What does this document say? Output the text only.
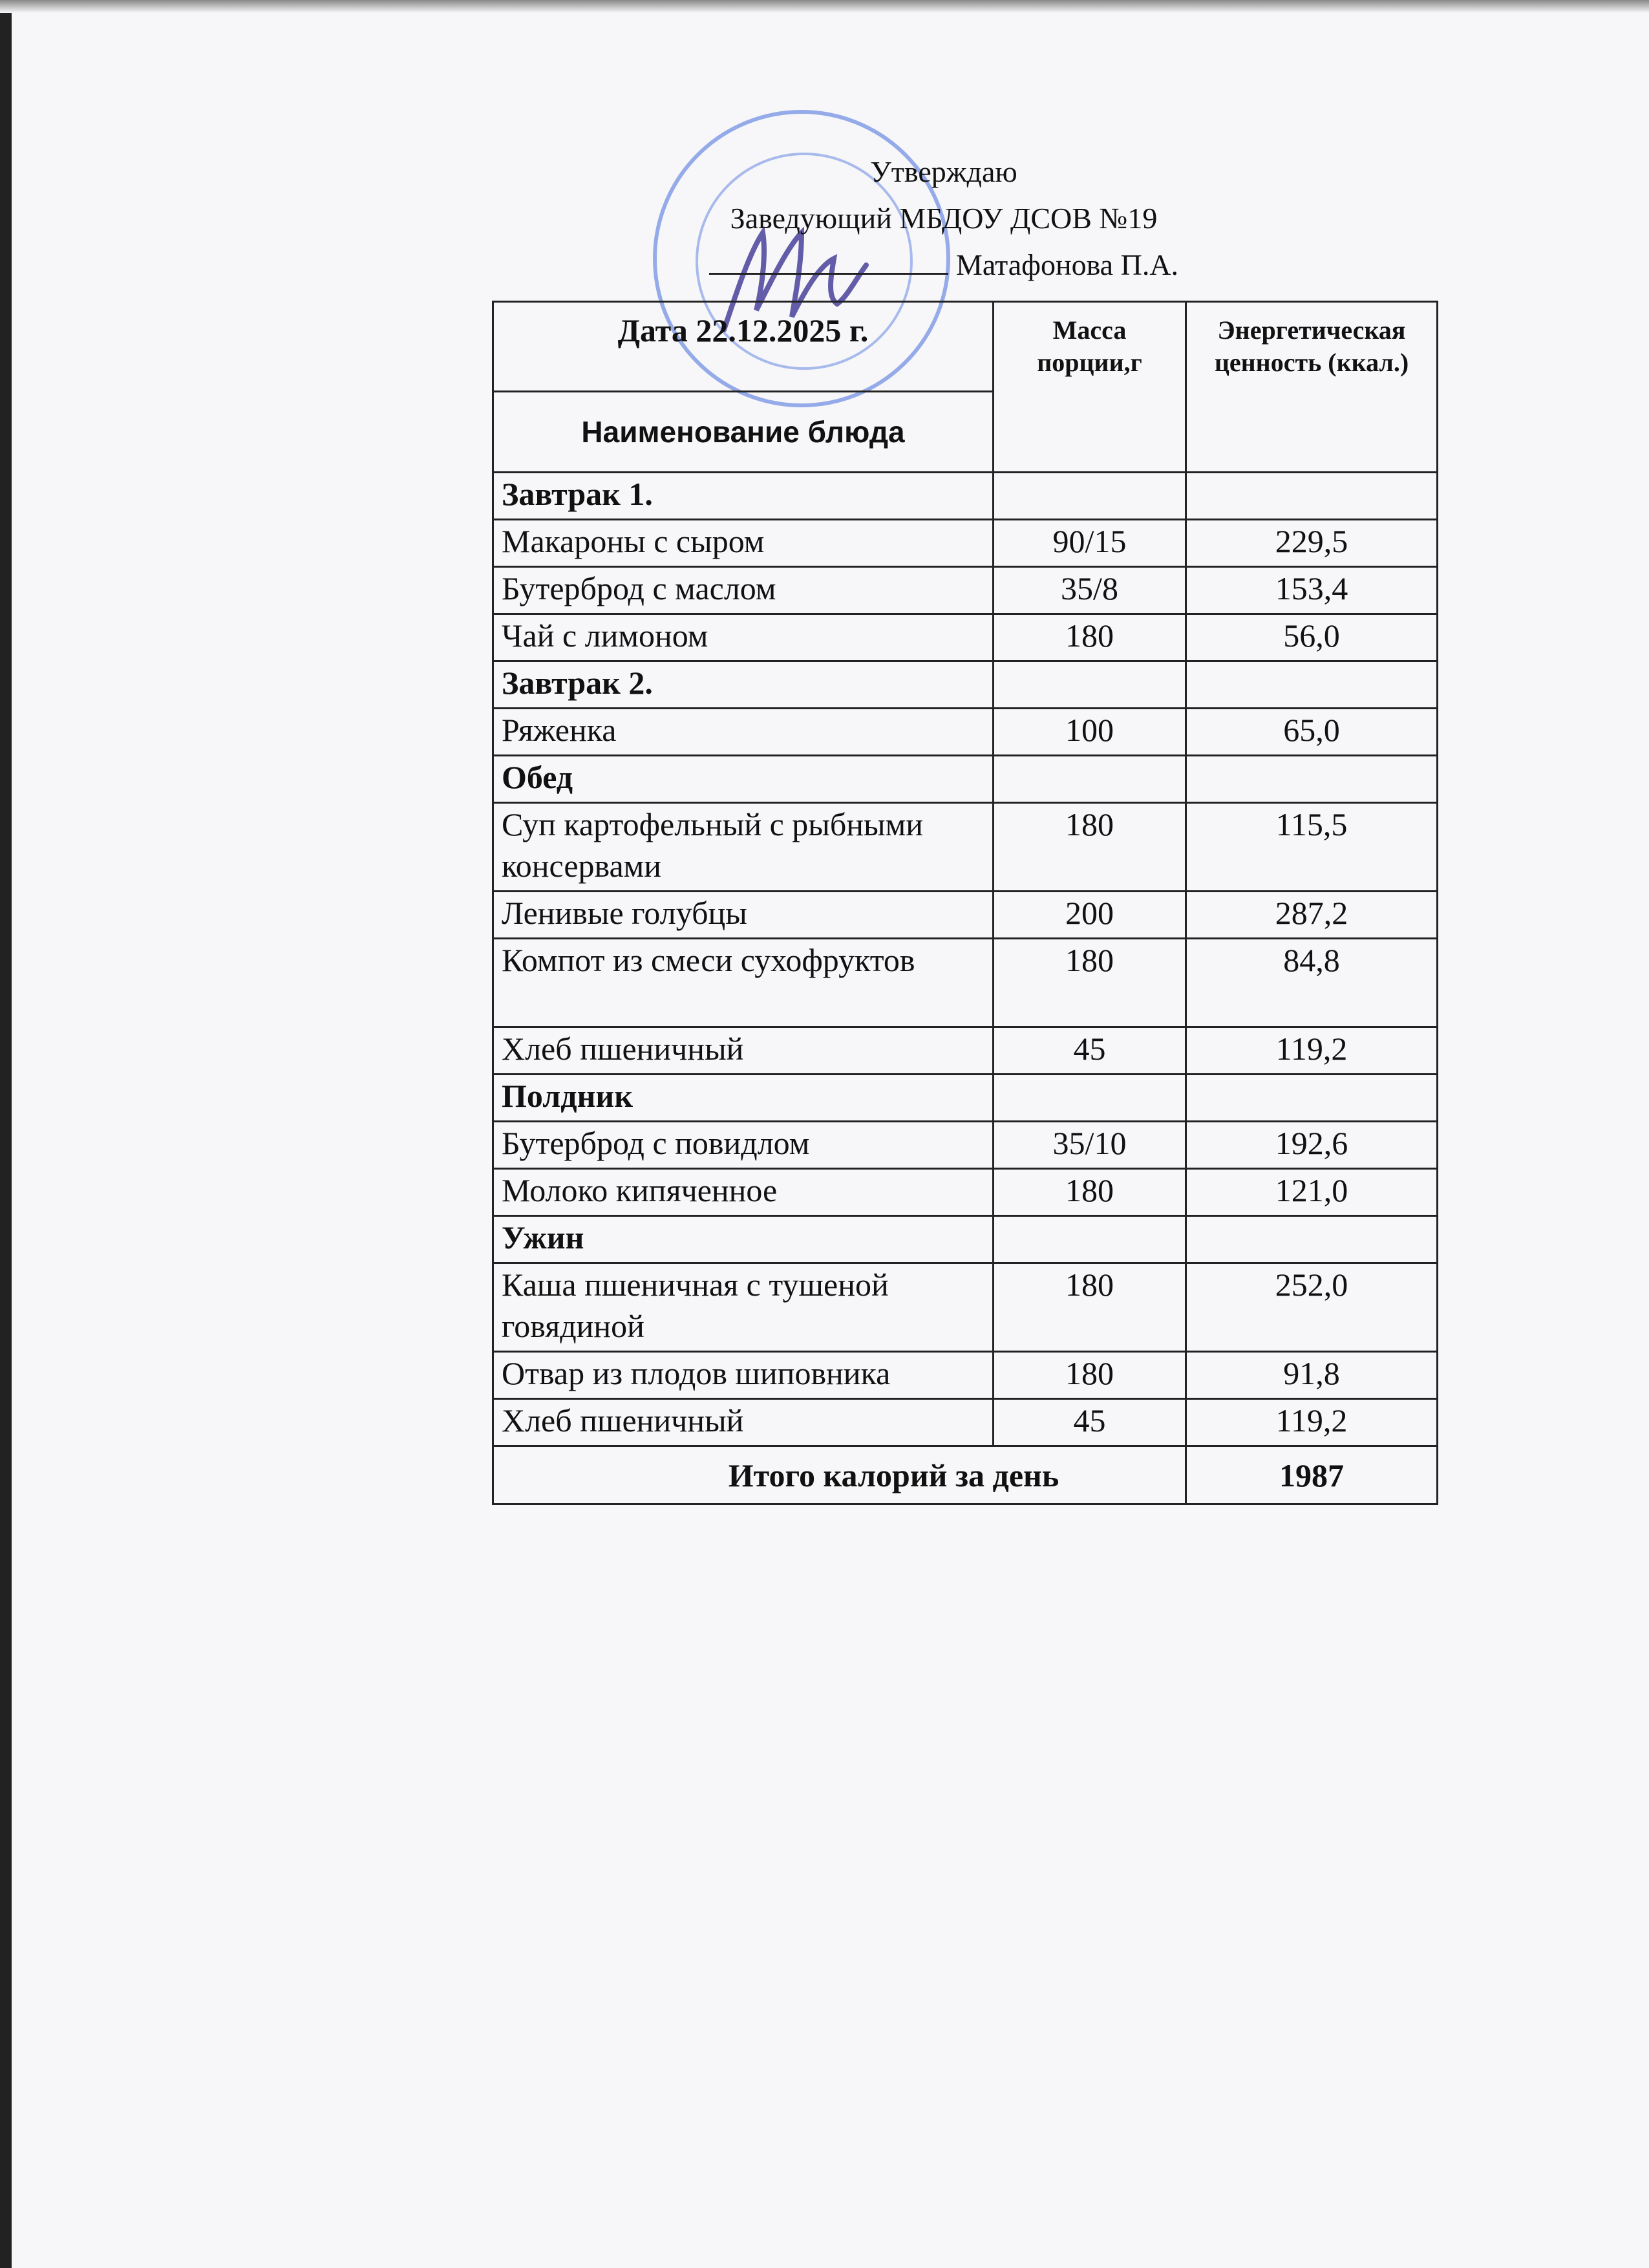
Утверждаю
Заведующий МБДОУ ДСОВ №19
Матафонова П.А.
Дата 22.12.2025 г.	Масса порции,г	Энергетическая ценность (ккал.)
Наименование блюда		
Завтрак 1.		
Макароны с сыром	90/15	229,5
Бутерброд с маслом	35/8	153,4
Чай с лимоном	180	56,0
Завтрак 2.		
Ряженка	100	65,0
Обед		
Суп картофельный с рыбными консервами	180	115,5
Ленивые голубцы	200	287,2
Компот из смеси сухофруктов	180	84,8
Хлеб пшеничный	45	119,2
Полдник		
Бутерброд с повидлом	35/10	192,6
Молоко кипяченное	180	121,0
Ужин		
Каша пшеничная с тушеной говядиной	180	252,0
Отвар из плодов шиповника	180	91,8
Хлеб пшеничный	45	119,2
Итого калорий за день		1987
